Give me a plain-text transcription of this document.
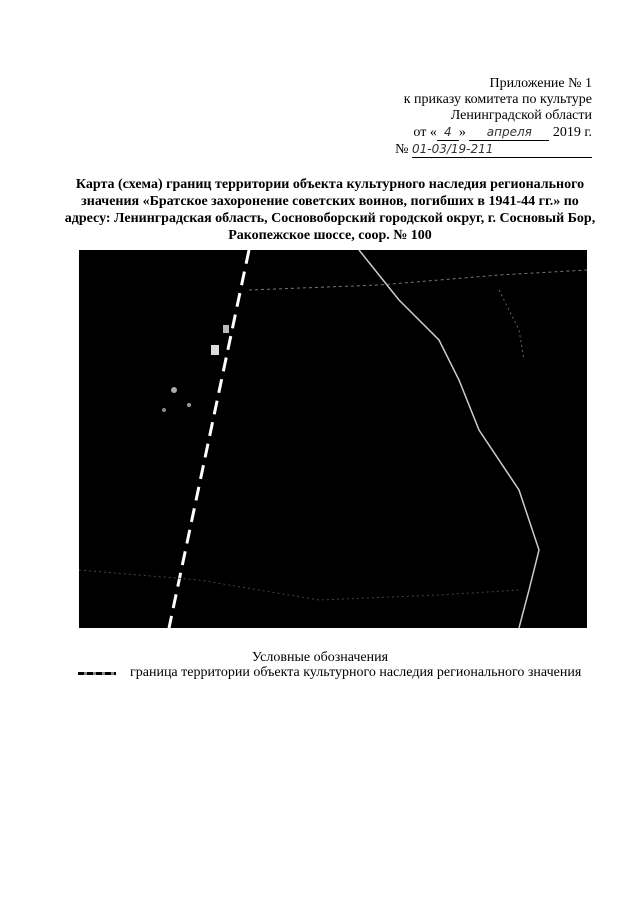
Приложение № 1
к приказу комитета по культуре
Ленинградской области
от « 4 » апреля 2019 г.
№ 01-03/19-211
Карта (схема) границ территории объекта культурного наследия регионального значения «Братское захоронение советских воинов, погибших в 1941-44 гг.» по адресу: Ленинградская область, Сосновоборский городской округ, г. Сосновый Бор, Ракопежское шоссе, соор. № 100
Условные обозначения
граница территории объекта культурного наследия регионального значения
